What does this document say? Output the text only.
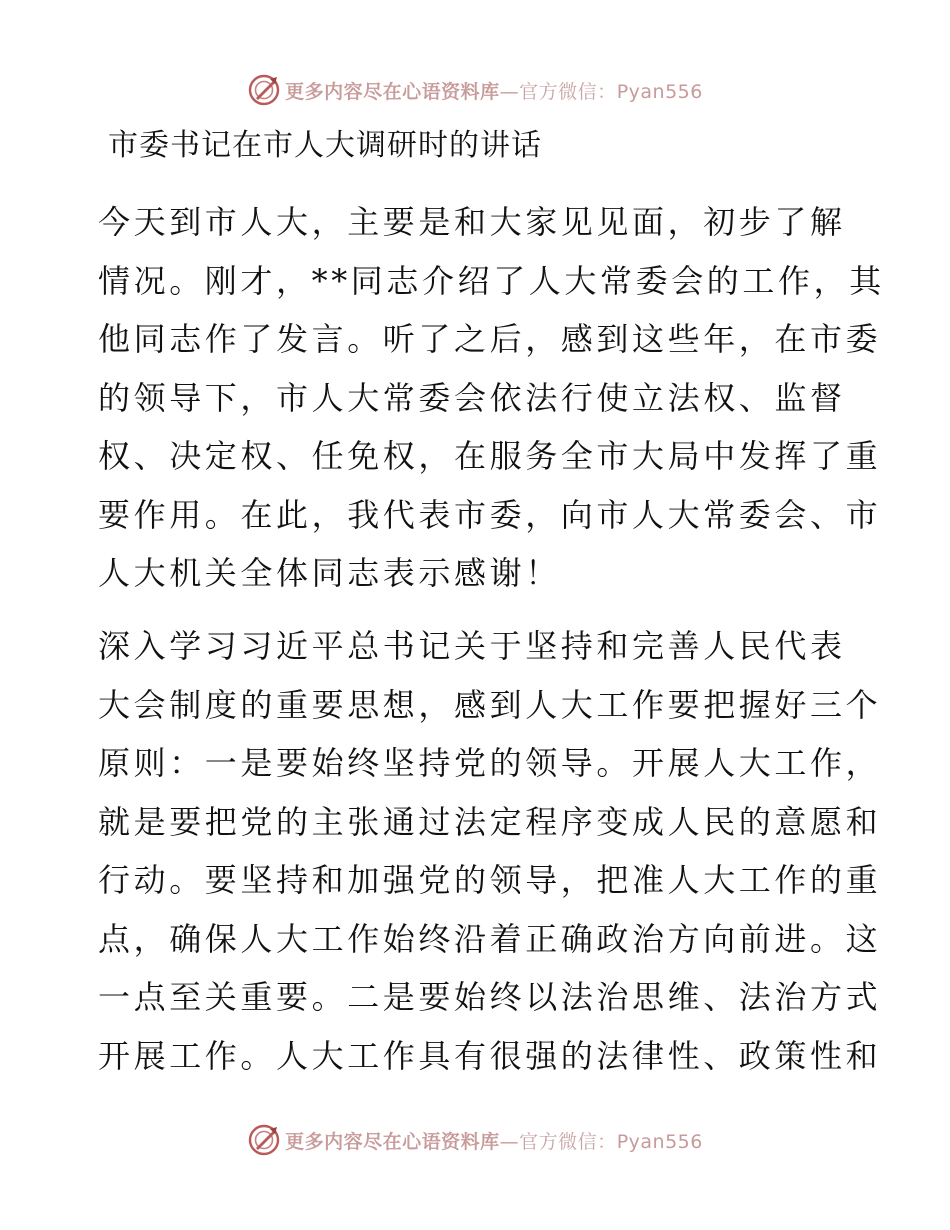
更多内容尽在心语资料库—官方微信：Pyan556
市委书记在市人大调研时的讲话

今天到市人大，主要是和大家见见面，初步了解
情况。刚才，**同志介绍了人大常委会的工作，其
他同志作了发言。听了之后，感到这些年，在市委
的领导下，市人大常委会依法行使立法权、监督
权、决定权、任免权，在服务全市大局中发挥了重
要作用。在此，我代表市委，向市人大常委会、市
人大机关全体同志表示感谢！

深入学习习近平总书记关于坚持和完善人民代表
大会制度的重要思想，感到人大工作要把握好三个
原则：一是要始终坚持党的领导。开展人大工作，
就是要把党的主张通过法定程序变成人民的意愿和
行动。要坚持和加强党的领导，把准人大工作的重
点，确保人大工作始终沿着正确政治方向前进。这
一点至关重要。二是要始终以法治思维、法治方式
开展工作。人大工作具有很强的法律性、政策性和

更多内容尽在心语资料库—官方微信：Pyan556
